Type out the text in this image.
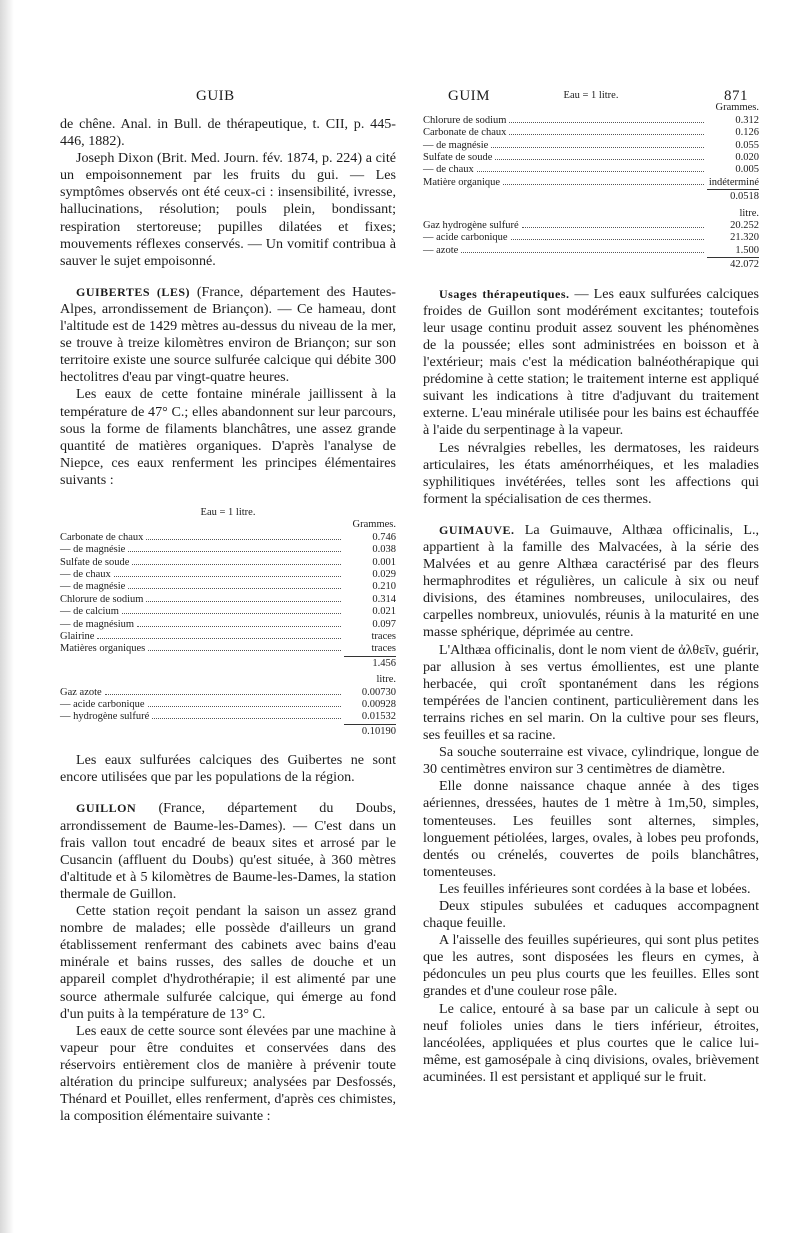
GUIB	GUIM	871

de chêne. Anal. in Bull. de thérapeutique, t. CII, p. 445-446, 1882).

Joseph Dixon (Brit. Med. Journ. fév. 1874, p. 224) a cité un empoisonnement par les fruits du gui. — Les symptômes observés ont été ceux-ci : insensibilité, ivresse, hallucinations, résolution; pouls plein, bondissant; respiration stertoreuse; pupilles dilatées et fixes; mouvements réflexes conservés. — Un vomitif contribua à sauver le sujet empoisonné.

GUIBERTES (LES) (France, département des Hautes-Alpes, arrondissement de Briançon). — Ce hameau, dont l'altitude est de 1429 mètres au-dessus du niveau de la mer, se trouve à treize kilomètres environ de Briançon; sur son territoire existe une source sulfurée calcique qui débite 300 hectolitres d'eau par vingt-quatre heures.

Les eaux de cette fontaine minérale jaillissent à la température de 47° C.; elles abandonnent sur leur parcours, sous la forme de filaments blanchâtres, une assez grande quantité de matières organiques. D'après l'analyse de Niepce, ces eaux renferment les principes élémentaires suivants :

Eau = 1 litre.
Grammes.
Carbonate de chaux	0.746
— de magnésie	0.038
Sulfate de soude	0.001
— de chaux	0.029
— de magnésie	0.210
Chlorure de sodium	0.314
— de calcium	0.021
— de magnésium	0.097
Glairine	traces
Matières organiques	traces
1.456
litre.
Gaz azote	0.00730
— acide carbonique	0.00928
— hydrogène sulfuré	0.01532
0.10190

Les eaux sulfurées calciques des Guibertes ne sont encore utilisées que par les populations de la région.

GUILLON (France, département du Doubs, arrondissement de Baume-les-Dames). — C'est dans un frais vallon tout encadré de beaux sites et arrosé par le Cusancin (affluent du Doubs) qu'est située, à 360 mètres d'altitude et à 5 kilomètres de Baume-les-Dames, la station thermale de Guillon.

Cette station reçoit pendant la saison un assez grand nombre de malades; elle possède d'ailleurs un grand établissement renfermant des cabinets avec bains d'eau minérale et bains russes, des salles de douche et un appareil complet d'hydrothérapie; il est alimenté par une source athermale sulfurée calcique, qui émerge au fond d'un puits à la température de 13° C.

Les eaux de cette source sont élevées par une machine à vapeur pour être conduites et conservées dans des réservoirs entièrement clos de manière à prévenir toute altération du principe sulfureux; analysées par Desfossés, Thénard et Pouillet, elles renferment, d'après ces chimistes, la composition élémentaire suivante :

Eau = 1 litre.
Grammes.
Chlorure de sodium	0.312
Carbonate de chaux	0.126
— de magnésie	0.055
Sulfate de soude	0.020
— de chaux	0.005
Matière organique	indéterminé
0.0518
litre.
Gaz hydrogène sulfuré	20.252
— acide carbonique	21.320
— azote	1.500
42.072

Usages thérapeutiques. — Les eaux sulfurées calciques froides de Guillon sont modérément excitantes; toutefois leur usage continu produit assez souvent les phénomènes de la poussée; elles sont administrées en boisson et à l'extérieur; mais c'est la médication balnéothérapique qui prédomine à cette station; le traitement interne est appliqué suivant les indications à titre d'adjuvant du traitement externe. L'eau minérale utilisée pour les bains est échauffée à l'aide du serpentinage à la vapeur.

Les névralgies rebelles, les dermatoses, les raideurs articulaires, les états aménorrhéiques, et les maladies syphilitiques invétérées, telles sont les affections qui forment la spécialisation de ces thermes.

GUIMAUVE. La Guimauve, Althæa officinalis, L., appartient à la famille des Malvacées, à la série des Malvées et au genre Althæa caractérisé par des fleurs hermaphrodites et régulières, un calicule à six ou neuf divisions, des étamines nombreuses, uniloculaires, des carpelles nombreux, uniovulés, réunis à la maturité en une masse sphérique, déprimée au centre.

L'Althæa officinalis, dont le nom vient de ἀλθεῖν, guérir, par allusion à ses vertus émollientes, est une plante herbacée, qui croît spontanément dans les régions tempérées de l'ancien continent, particulièrement dans les terrains riches en sel marin. On la cultive pour ses fleurs, ses feuilles et sa racine.

Sa souche souterraine est vivace, cylindrique, longue de 30 centimètres environ sur 3 centimètres de diamètre.

Elle donne naissance chaque année à des tiges aériennes, dressées, hautes de 1 mètre à 1m,50, simples, tomenteuses. Les feuilles sont alternes, simples, longuement pétiolées, larges, ovales, à lobes peu profonds, dentés ou crénelés, couvertes de poils blanchâtres, tomenteuses.

Les feuilles inférieures sont cordées à la base et lobées.

Deux stipules subulées et caduques accompagnent chaque feuille.

A l'aisselle des feuilles supérieures, qui sont plus petites que les autres, sont disposées les fleurs en cymes, à pédoncules un peu plus courts que les feuilles. Elles sont grandes et d'une couleur rose pâle.

Le calice, entouré à sa base par un calicule à sept ou neuf folioles unies dans le tiers inférieur, étroites, lancéolées, appliquées et plus courtes que le calice lui-même, est gamosépale à cinq divisions, ovales, brièvement acuminées. Il est persistant et appliqué sur le fruit.
